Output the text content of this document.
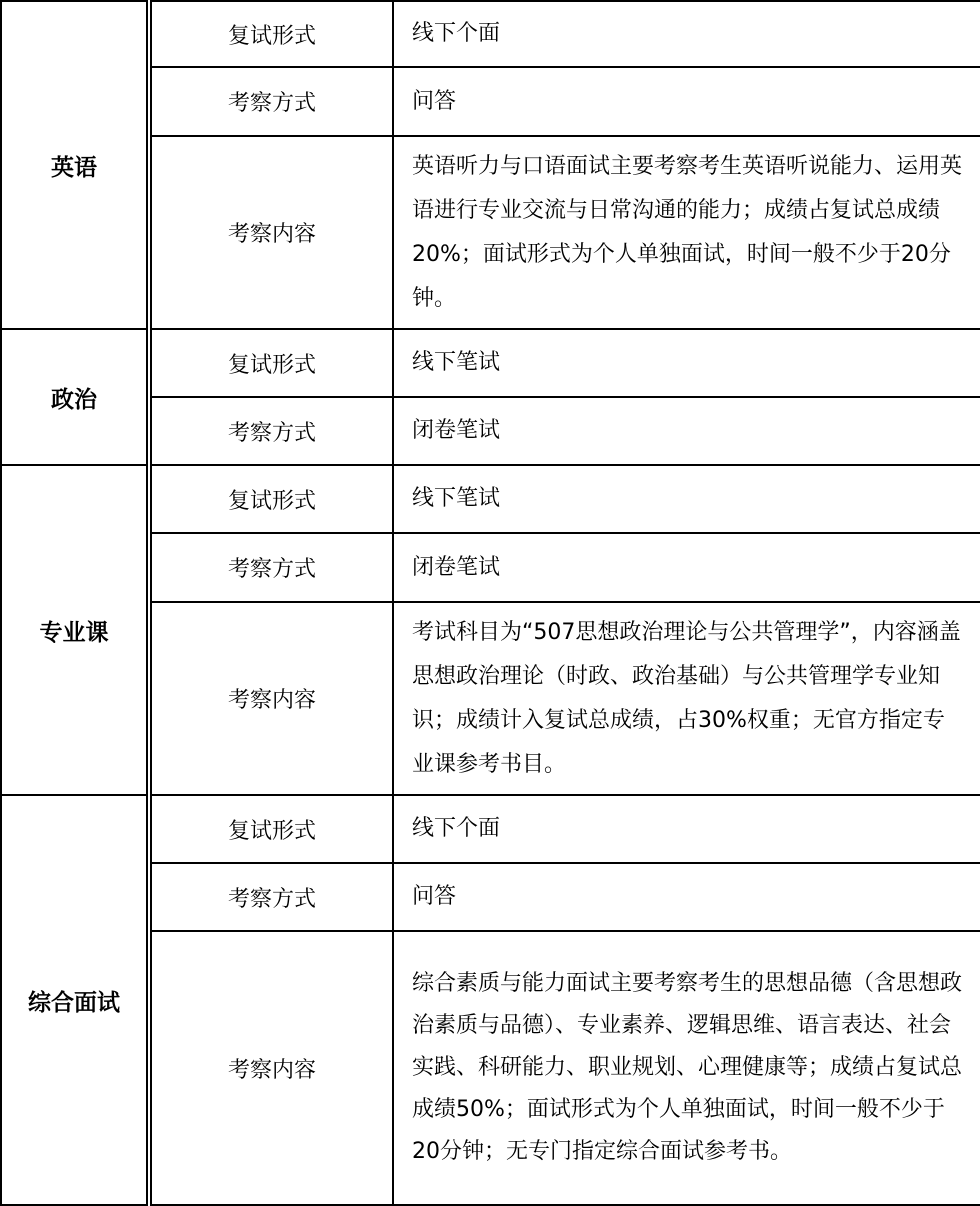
英语	复试形式	线下个面
	考察方式	问答
	考察内容	英语听力与口语面试主要考察考生英语听说能力、运用英语进行专业交流与日常沟通的能力；成绩占复试总成绩20%；面试形式为个人单独面试，时间一般不少于20分钟。
政治	复试形式	线下笔试
	考察方式	闭卷笔试
专业课	复试形式	线下笔试
	考察方式	闭卷笔试
	考察内容	考试科目为“507思想政治理论与公共管理学”，内容涵盖思想政治理论（时政、政治基础）与公共管理学专业知识；成绩计入复试总成绩，占30%权重；无官方指定专业课参考书目。
综合面试	复试形式	线下个面
	考察方式	问答
	考察内容	综合素质与能力面试主要考察考生的思想品德（含思想政治素质与品德）、专业素养、逻辑思维、语言表达、社会实践、科研能力、职业规划、心理健康等；成绩占复试总成绩50%；面试形式为个人单独面试，时间一般不少于20分钟；无专门指定综合面试参考书。
